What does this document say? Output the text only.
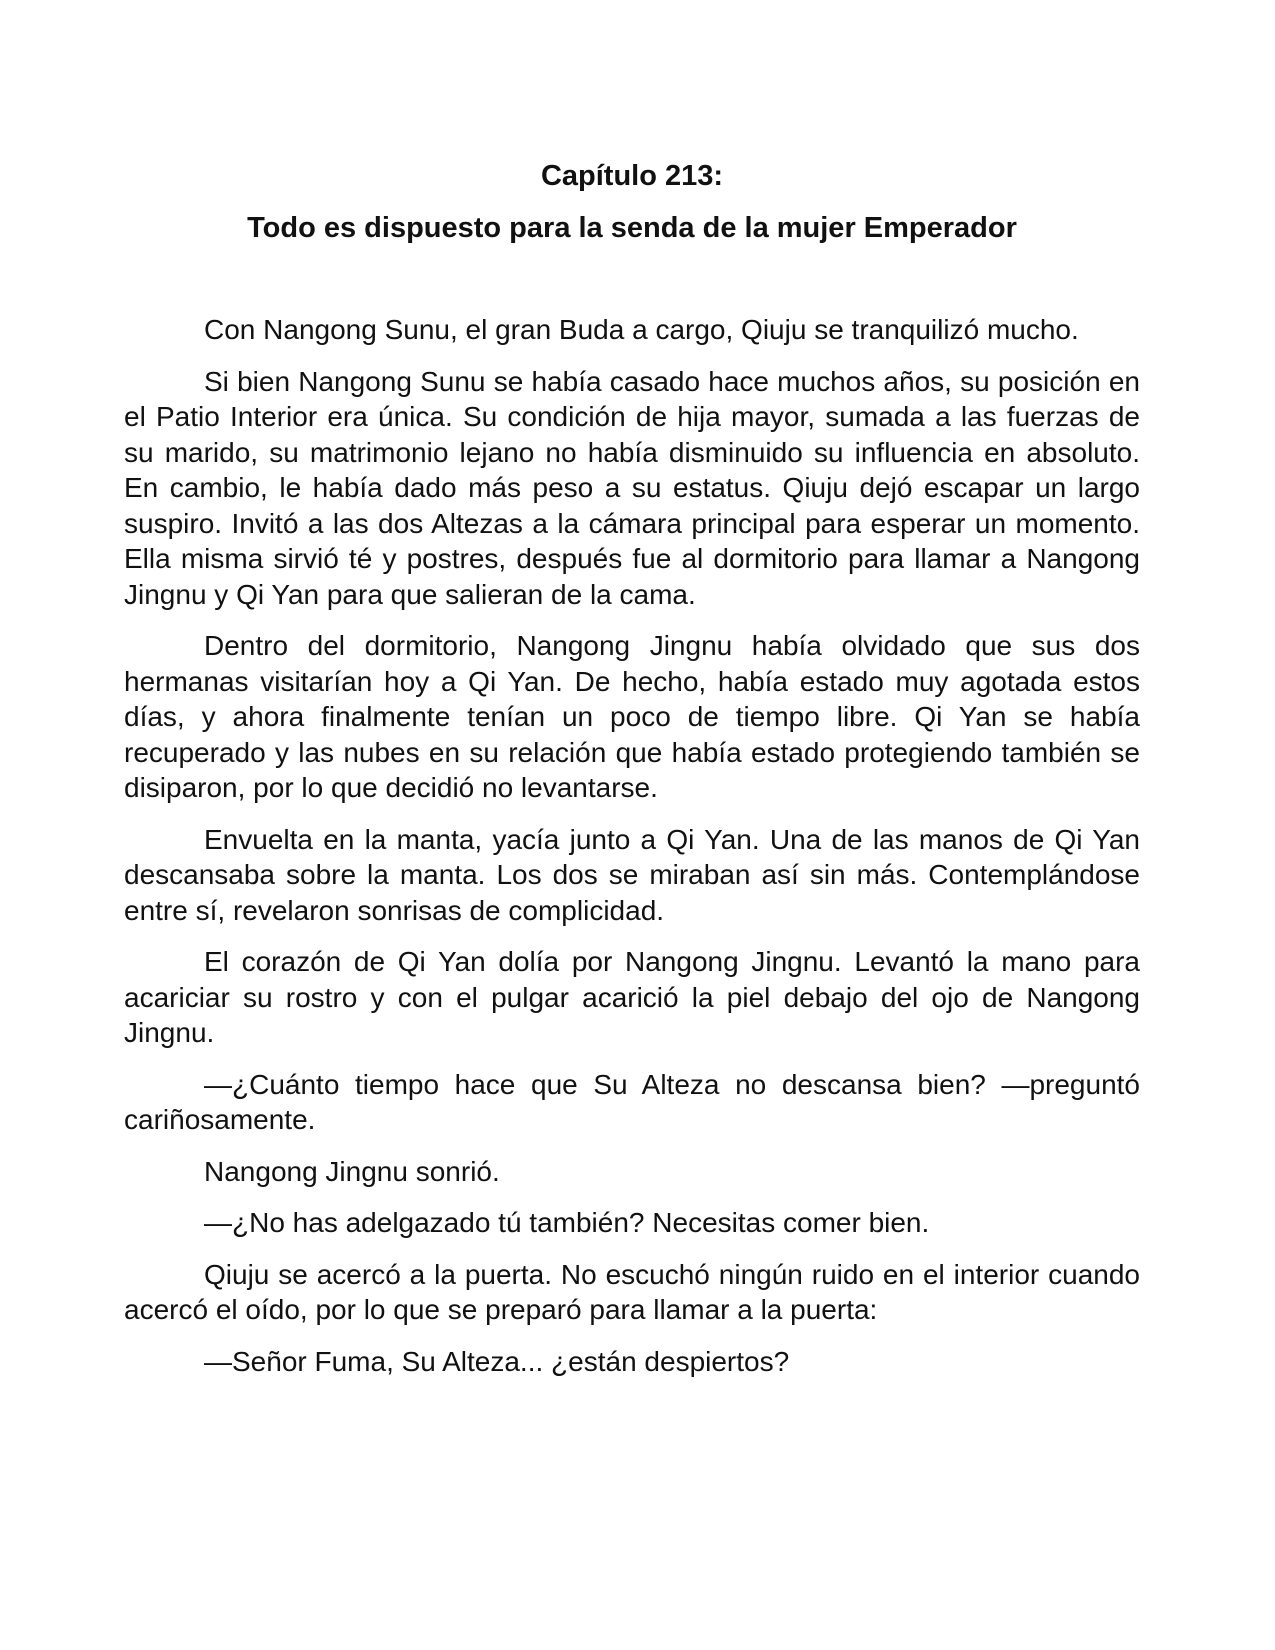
Capítulo 213:
Todo es dispuesto para la senda de la mujer Emperador

Con Nangong Sunu, el gran Buda a cargo, Qiuju se tranquilizó mucho.

Si bien Nangong Sunu se había casado hace muchos años, su posición en el Patio Interior era única. Su condición de hija mayor, sumada a las fuerzas de su marido, su matrimonio lejano no había disminuido su influencia en absoluto. En cambio, le había dado más peso a su estatus. Qiuju dejó escapar un largo suspiro. Invitó a las dos Altezas a la cámara principal para esperar un momento. Ella misma sirvió té y postres, después fue al dormitorio para llamar a Nangong Jingnu y Qi Yan para que salieran de la cama.

Dentro del dormitorio, Nangong Jingnu había olvidado que sus dos hermanas visitarían hoy a Qi Yan. De hecho, había estado muy agotada estos días, y ahora finalmente tenían un poco de tiempo libre. Qi Yan se había recuperado y las nubes en su relación que había estado protegiendo también se disiparon, por lo que decidió no levantarse.

Envuelta en la manta, yacía junto a Qi Yan. Una de las manos de Qi Yan descansaba sobre la manta. Los dos se miraban así sin más. Contemplándose entre sí, revelaron sonrisas de complicidad.

El corazón de Qi Yan dolía por Nangong Jingnu. Levantó la mano para acariciar su rostro y con el pulgar acarició la piel debajo del ojo de Nangong Jingnu.

—¿Cuánto tiempo hace que Su Alteza no descansa bien? —preguntó cariñosamente.

Nangong Jingnu sonrió.

—¿No has adelgazado tú también? Necesitas comer bien.

Qiuju se acercó a la puerta. No escuchó ningún ruido en el interior cuando acercó el oído, por lo que se preparó para llamar a la puerta:

—Señor Fuma, Su Alteza... ¿están despiertos?
